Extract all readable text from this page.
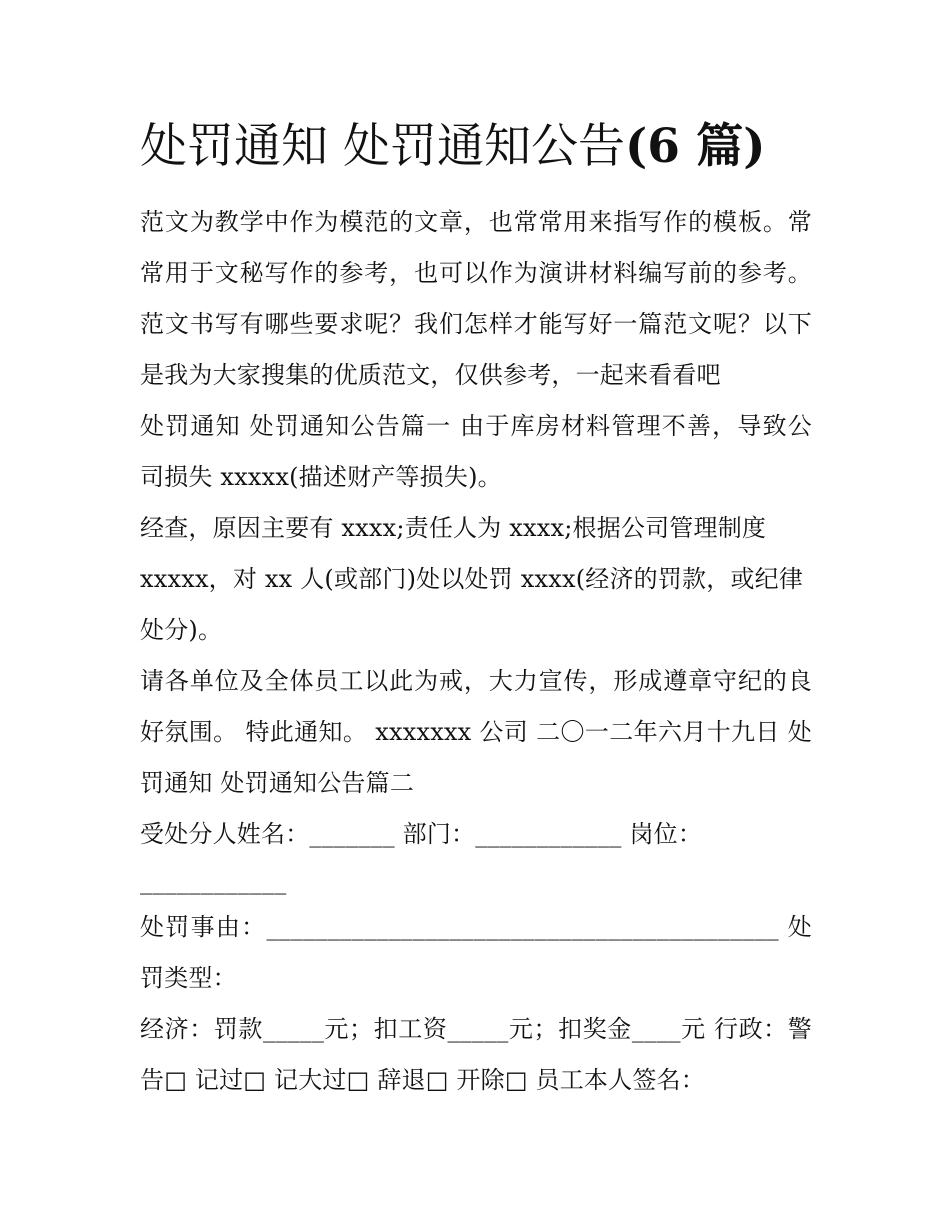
处罚通知 处罚通知公告(6 篇)
范文为教学中作为模范的文章，也常常用来指写作的模板。常
常用于文秘写作的参考，也可以作为演讲材料编写前的参考。
范文书写有哪些要求呢？我们怎样才能写好一篇范文呢？以下
是我为大家搜集的优质范文，仅供参考，一起来看看吧
处罚通知 处罚通知公告篇一 由于库房材料管理不善，导致公
司损失 xxxxx(描述财产等损失)。
经查，原因主要有 xxxx;责任人为 xxxx;根据公司管理制度
xxxxx，对 xx 人(或部门)处以处罚 xxxx(经济的罚款，或纪律
处分)。
请各单位及全体员工以此为戒，大力宣传，形成遵章守纪的良
好氛围。 特此通知。 xxxxxxx 公司 二〇一二年六月十九日 处
罚通知 处罚通知公告篇二
受处分人姓名：_______ 部门：____________ 岗位：
____________
处罚事由：__________________________________________ 处
罚类型：
经济：罚款_____元；扣工资_____元；扣奖金____元 行政：警
告□ 记过□ 记大过□ 辞退□ 开除□ 员工本人签名：
